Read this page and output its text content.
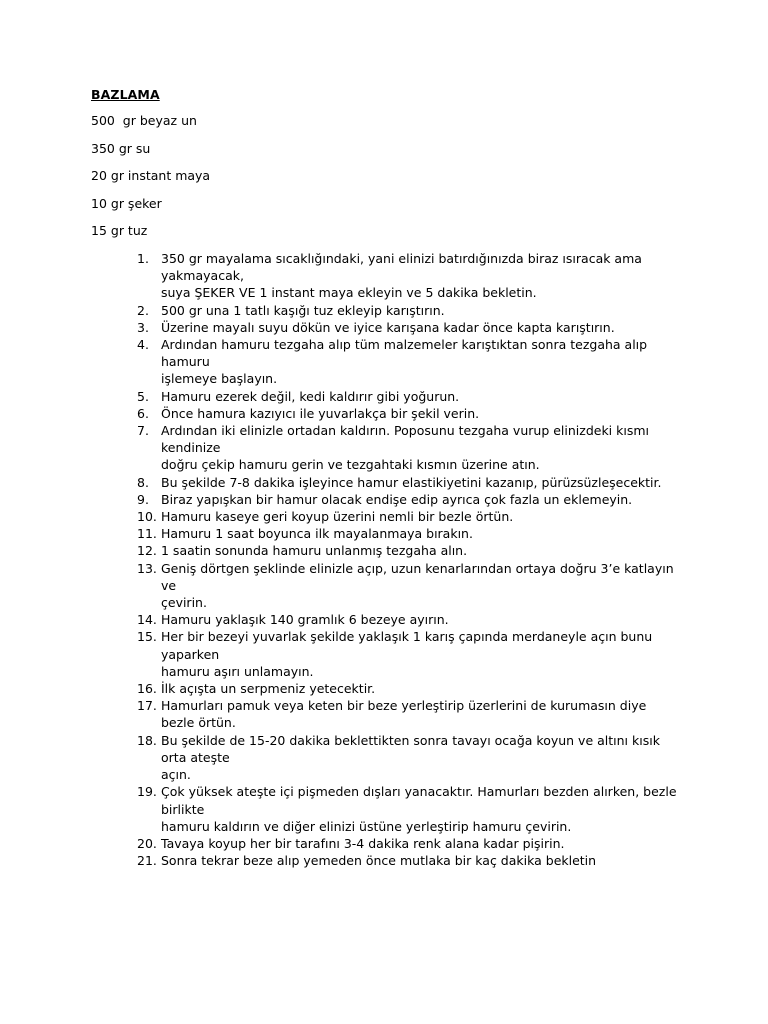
BAZLAMA
500  gr beyaz un
350 gr su
20 gr instant maya
10 gr şeker
15 gr tuz
1. 350 gr mayalama sıcaklığındaki, yani elinizi batırdığınızda biraz ısıracak ama yakmayacak,
suya ŞEKER VE 1 instant maya ekleyin ve 5 dakika bekletin.
2. 500 gr una 1 tatlı kaşığı tuz ekleyip karıştırın.
3. Üzerine mayalı suyu dökün ve iyice karışana kadar önce kapta karıştırın.
4. Ardından hamuru tezgaha alıp tüm malzemeler karıştıktan sonra tezgaha alıp hamuru
işlemeye başlayın.
5. Hamuru ezerek değil, kedi kaldırır gibi yoğurun.
6. Önce hamura kazıyıcı ile yuvarlakça bir şekil verin.
7. Ardından iki elinizle ortadan kaldırın. Poposunu tezgaha vurup elinizdeki kısmı kendinize
doğru çekip hamuru gerin ve tezgahtaki kısmın üzerine atın.
8. Bu şekilde 7-8 dakika işleyince hamur elastikiyetini kazanıp, pürüzsüzleşecektir.
9. Biraz yapışkan bir hamur olacak endişe edip ayrıca çok fazla un eklemeyin.
10. Hamuru kaseye geri koyup üzerini nemli bir bezle örtün.
11. Hamuru 1 saat boyunca ilk mayalanmaya bırakın.
12. 1 saatin sonunda hamuru unlanmış tezgaha alın.
13. Geniş dörtgen şeklinde elinizle açıp, uzun kenarlarından ortaya doğru 3’e katlayın ve
çevirin.
14. Hamuru yaklaşık 140 gramlık 6 bezeye ayırın.
15. Her bir bezeyi yuvarlak şekilde yaklaşık 1 karış çapında merdaneyle açın bunu yaparken
hamuru aşırı unlamayın.
16. İlk açışta un serpmeniz yetecektir.
17. Hamurları pamuk veya keten bir beze yerleştirip üzerlerini de kurumasın diye bezle örtün.
18. Bu şekilde de 15-20 dakika beklettikten sonra tavayı ocağa koyun ve altını kısık orta ateşte
açın.
19. Çok yüksek ateşte içi pişmeden dışları yanacaktır. Hamurları bezden alırken, bezle birlikte
hamuru kaldırın ve diğer elinizi üstüne yerleştirip hamuru çevirin.
20. Tavaya koyup her bir tarafını 3-4 dakika renk alana kadar pişirin.
21. Sonra tekrar beze alıp yemeden önce mutlaka bir kaç dakika bekletin
